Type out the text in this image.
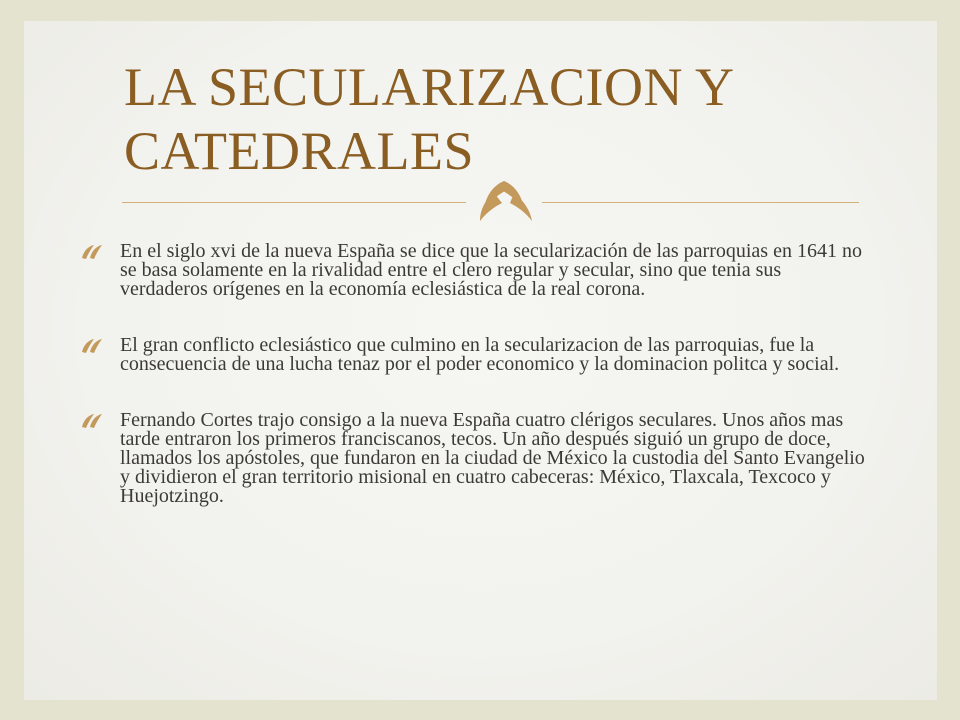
LA SECULARIZACION Y CATEDRALES
En el siglo xvi de la nueva España se dice que la secularización de las parroquias en 1641 no se basa solamente en la rivalidad entre el clero regular y secular, sino que tenia sus verdaderos orígenes en la economía eclesiástica de la real corona.
El gran conflicto eclesiástico que culmino en la secularizacion de las parroquias, fue la consecuencia de una lucha tenaz por el poder economico y la dominacion politca y social.
Fernando Cortes trajo consigo a la nueva España cuatro clérigos seculares. Unos años mas tarde entraron los primeros franciscanos, tecos. Un año después siguió un grupo de doce, llamados los apóstoles, que fundaron en la ciudad de México la custodia del Santo Evangelio y dividieron el gran territorio misional en cuatro cabeceras: México, Tlaxcala, Texcoco y Huejotzingo.
